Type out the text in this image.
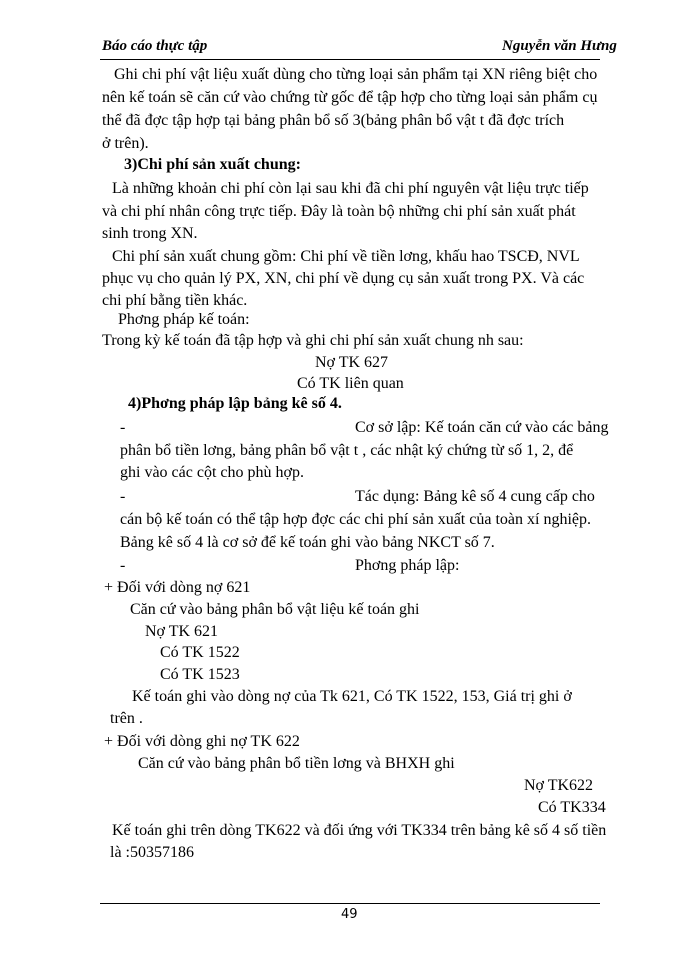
Báo cáo thực tập	Nguyễn văn Hưng
Ghi chi phí vật liệu xuất dùng cho từng loại sản phẩm tại XN riêng biệt cho
nên kế toán sẽ căn cứ vào chứng từ gốc để tập hợp cho từng loại sản phẩm cụ
thể đã đợc tập hợp tại bảng phân bổ số 3(bảng phân bổ vật t đã đợc trích
ở trên).
3)Chi phí sản xuất chung:
Là những khoản chi phí còn lại sau khi đã chi phí nguyên vật liệu trực tiếp
và chi phí nhân công trực tiếp. Đây là toàn bộ những chi phí sản xuất phát
sinh trong XN.
Chi phí sản xuất chung gồm: Chi phí về tiền lơng, khấu hao TSCĐ, NVL
phục vụ cho quản lý PX, XN, chi phí về dụng cụ sản xuất trong PX. Và các
chi phí bằng tiền khác.
Phơng pháp kế toán:
Trong kỳ kế toán đã tập hợp và ghi chi phí sản xuất chung nh sau:
Nợ TK 627
Có TK liên quan
4)Phơng pháp lập bảng kê số 4.
-	Cơ sở lập: Kế toán căn cứ vào các bảng
phân bổ tiền lơng, bảng phân bổ vật t , các nhật ký chứng từ số 1, 2, để
ghi vào các cột cho phù hợp.
-	Tác dụng: Bảng kê số 4 cung cấp cho
cán bộ kế toán có thể tập hợp đợc các chi phí sản xuất của toàn xí nghiệp.
Bảng kê số 4 là cơ sở để kế toán ghi vào bảng NKCT số 7.
-	Phơng pháp lập:
+ Đối với dòng nợ 621
Căn cứ vào bảng phân bổ vật liệu kế toán ghi
Nợ TK 621
Có TK 1522
Có TK 1523
Kế toán ghi vào dòng nợ của Tk 621, Có TK 1522, 153, Giá trị ghi ở
trên .
+ Đối với dòng ghi nợ TK 622
Căn cứ vào bảng phân bổ tiền lơng và BHXH ghi
Nợ TK622
Có TK334
Kế toán ghi trên dòng TK622 và đối ứng với TK334 trên bảng kê số 4 số tiền
là :50357186
49
